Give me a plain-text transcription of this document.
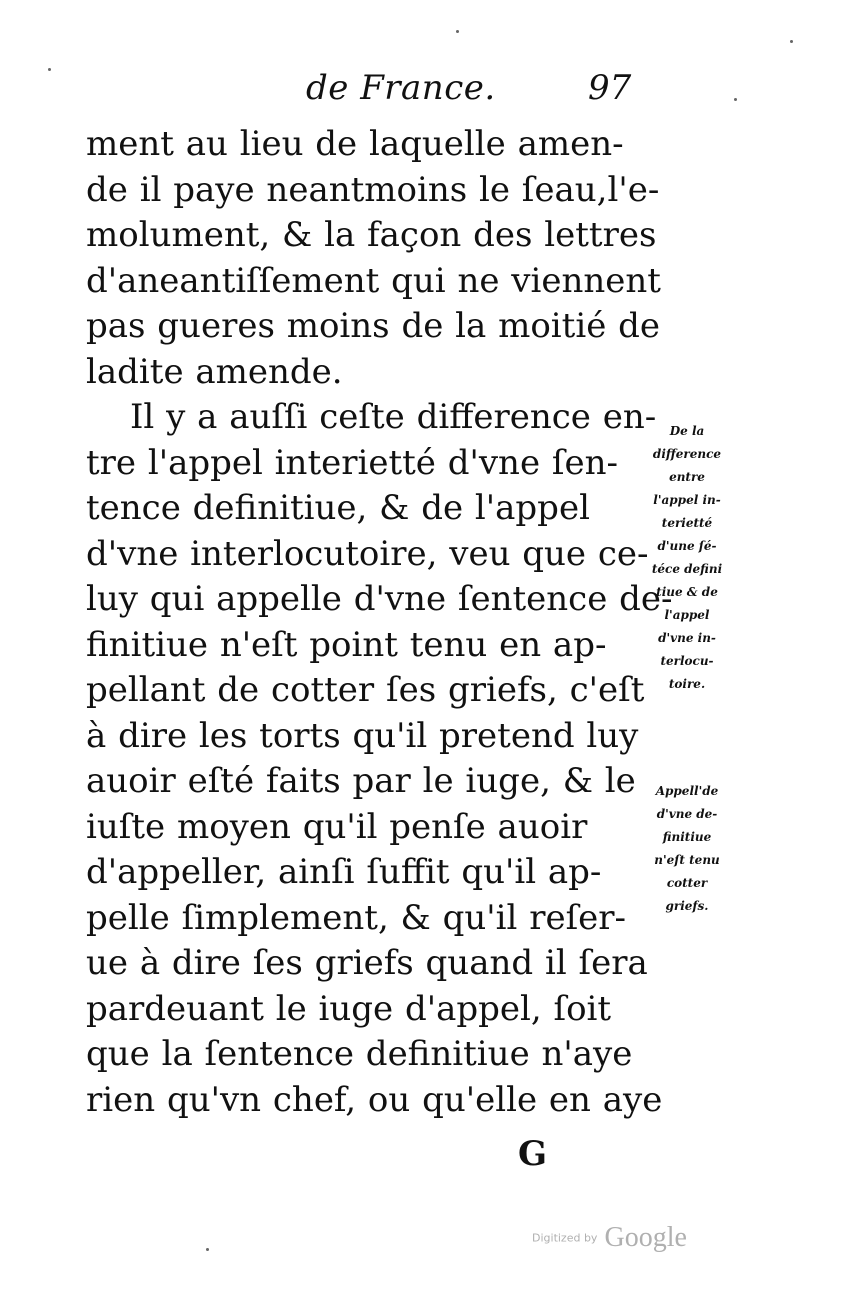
de France.	97
ment au lieu de laquelle amen-
de il paye neantmoins le ſeau,l'e-
molument, & la façon des lettres
d'aneantiſſement qui ne viennent
pas gueres moins de la moitié de
ladite amende.
Il y a auſſi ceſte difference en-
tre l'appel interietté d'vne ſen-
tence definitiue, & de l'appel
d'vne interlocutoire, veu que ce-
luy qui appelle d'vne ſentence de-
finitiue n'eſt point tenu en ap-
pellant de cotter ſes griefs, c'eſt
à dire les torts qu'il pretend luy
auoir eſté faits par le iuge, & le
iuſte moyen qu'il penſe auoir
d'appeller, ainſi ſuffit qu'il ap-
pelle ſimplement, & qu'il reſer-
ue à dire ſes griefs quand il ſera
pardeuant le iuge d'appel, ſoit
que la ſentence definitiue n'aye
rien qu'vn chef, ou qu'elle en aye
De la
difference
entre
l'appel in-
terietté
d'une ſé-
téce defini
tiue & de
l'appel
d'vne in-
terlocu-
toire.
Appell'de
d'vne de-
finitiue
n'eſt tenu
cotter
griefs.
G
Digitized by Google
